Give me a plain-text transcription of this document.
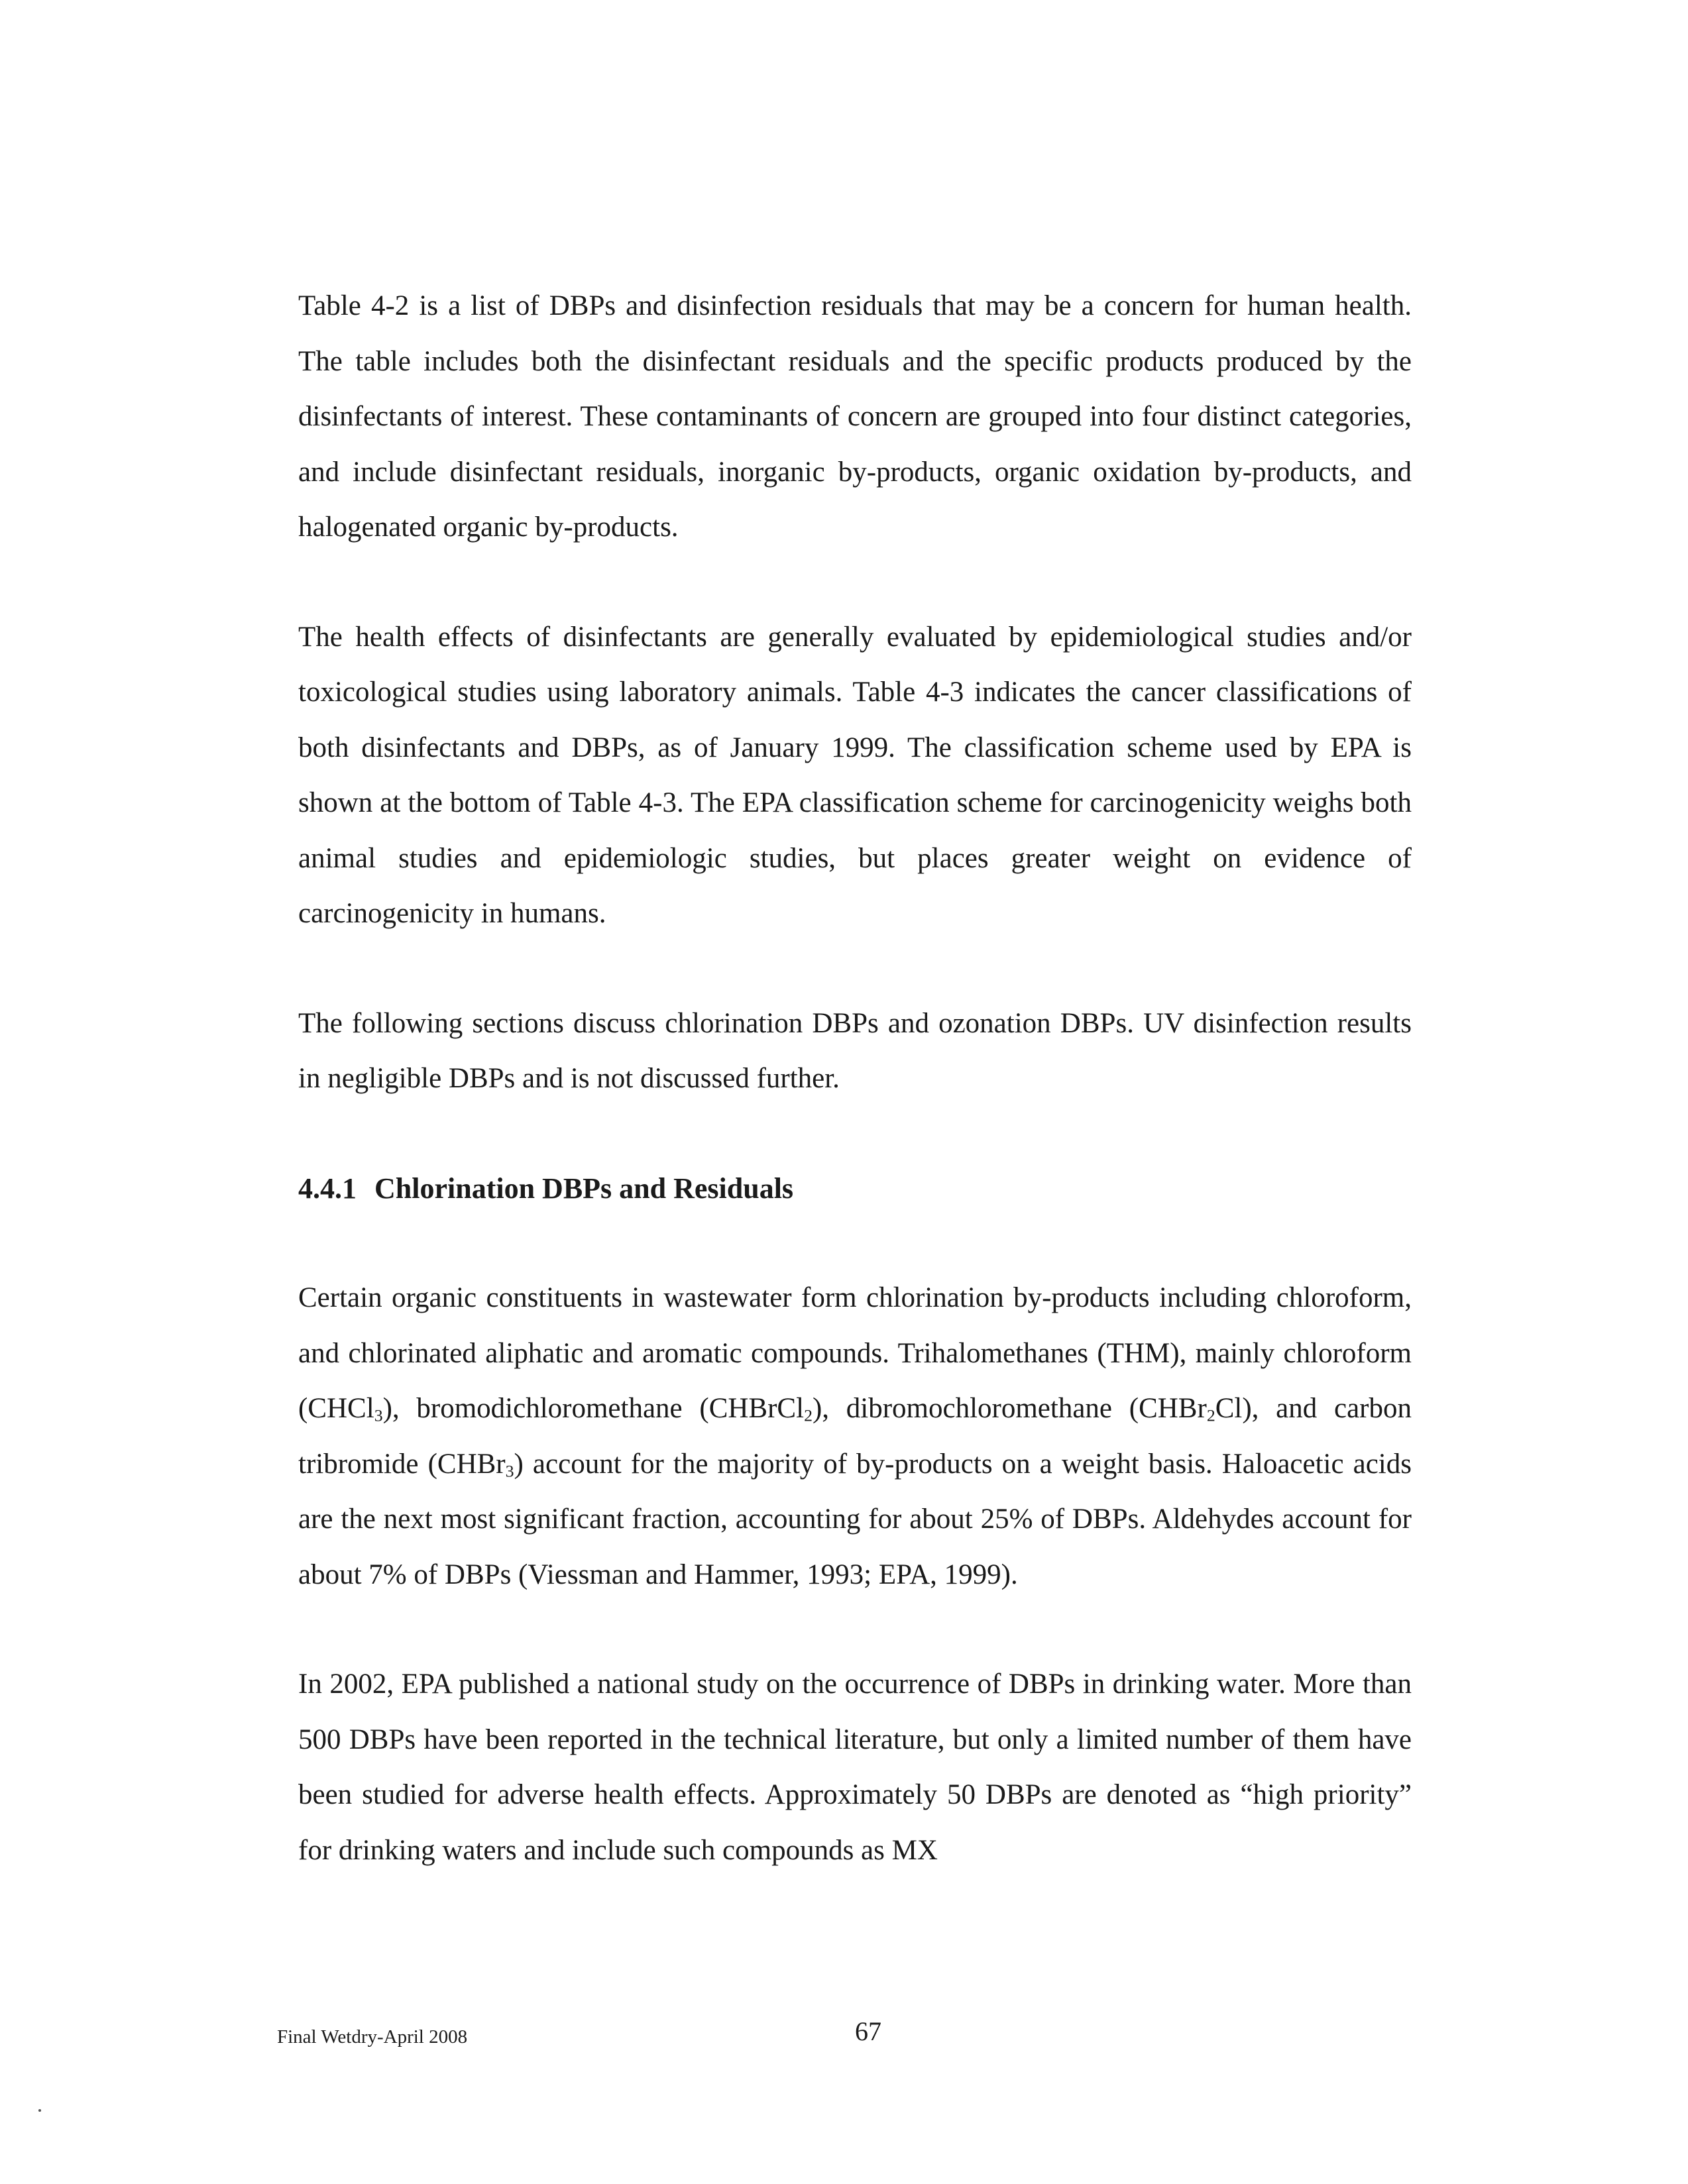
Table 4-2 is a list of DBPs and disinfection residuals that may be a concern for human health. The table includes both the disinfectant residuals and the specific products produced by the disinfectants of interest. These contaminants of concern are grouped into four distinct categories, and include disinfectant residuals, inorganic by-products, organic oxidation by-products, and halogenated organic by-products.

The health effects of disinfectants are generally evaluated by epidemiological studies and/or toxicological studies using laboratory animals. Table 4-3 indicates the cancer classifications of both disinfectants and DBPs, as of January 1999. The classification scheme used by EPA is shown at the bottom of Table 4-3. The EPA classification scheme for carcinogenicity weighs both animal studies and epidemiologic studies, but places greater weight on evidence of carcinogenicity in humans.

The following sections discuss chlorination DBPs and ozonation DBPs. UV disinfection results in negligible DBPs and is not discussed further.

4.4.1 Chlorination DBPs and Residuals

Certain organic constituents in wastewater form chlorination by-products including chloroform, and chlorinated aliphatic and aromatic compounds. Trihalomethanes (THM), mainly chloroform (CHCl$_3$), bromodichloromethane (CHBrCl$_2$), dibromochloromethane (CHBr$_2$Cl), and carbon tribromide (CHBr$_3$) account for the majority of by-products on a weight basis. Haloacetic acids are the next most significant fraction, accounting for about 25% of DBPs. Aldehydes account for about 7% of DBPs (Viessman and Hammer, 1993; EPA, 1999).

In 2002, EPA published a national study on the occurrence of DBPs in drinking water. More than 500 DBPs have been reported in the technical literature, but only a limited number of them have been studied for adverse health effects. Approximately 50 DBPs are denoted as “high priority” for drinking waters and include such compounds as MX

Final Wetdry-April 2008	67
